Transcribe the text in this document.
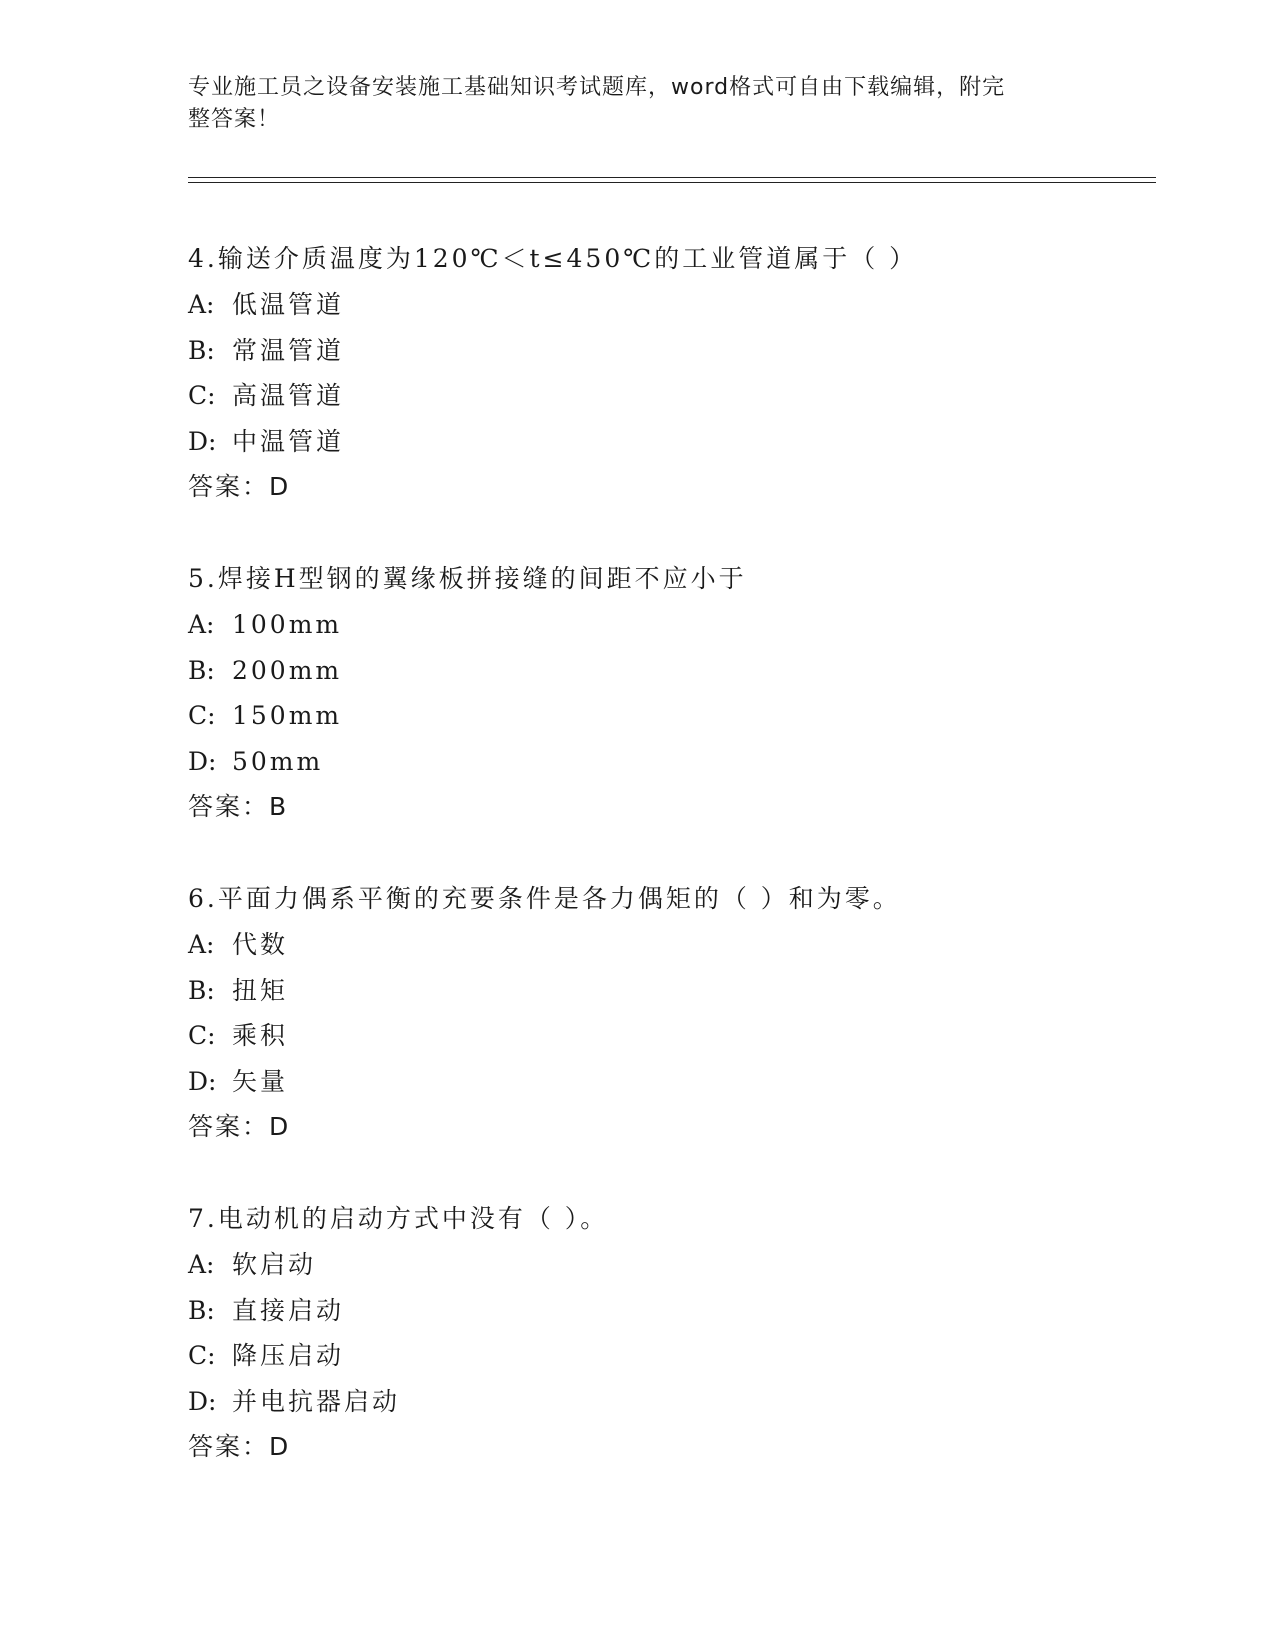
专业施工员之设备安装施工基础知识考试题库，word格式可自由下载编辑，附完
整答案！
4.输送介质温度为120℃＜t≤450℃的工业管道属于（ ）
A: 低温管道
B: 常温管道
C: 高温管道
D: 中温管道
答案：D
5.焊接H型钢的翼缘板拼接缝的间距不应小于
A: 100mm
B: 200mm
C: 150mm
D: 50mm
答案：B
6.平面力偶系平衡的充要条件是各力偶矩的（ ）和为零。
A: 代数
B: 扭矩
C: 乘积
D: 矢量
答案：D
7.电动机的启动方式中没有（ ）。
A: 软启动
B: 直接启动
C: 降压启动
D: 并电抗器启动
答案：D
